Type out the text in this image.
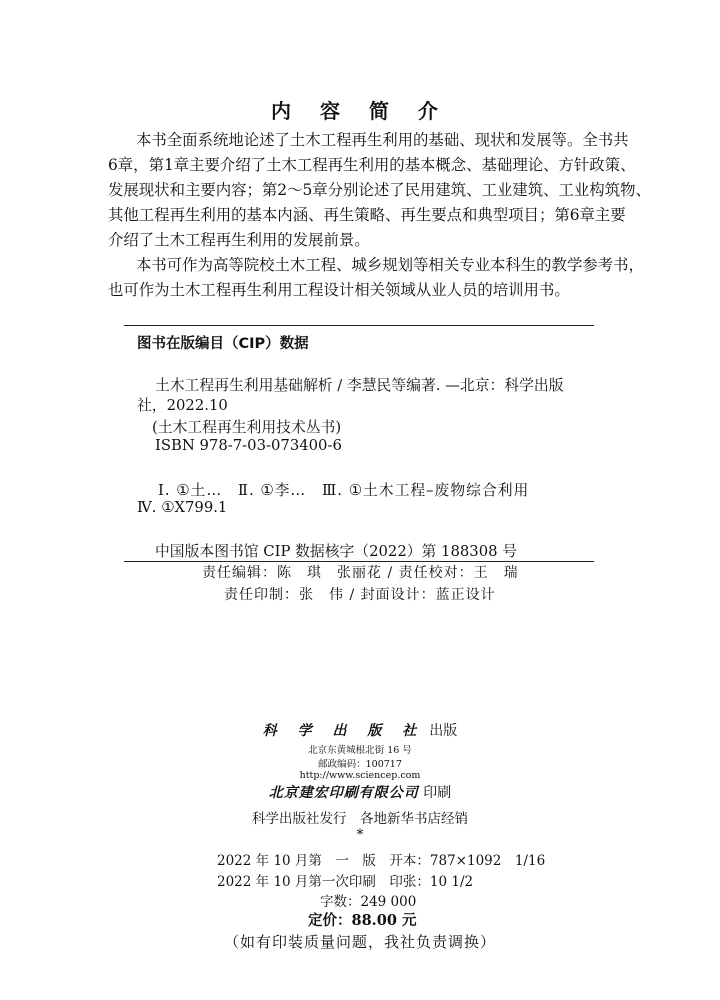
内 容 简 介

本书全面系统地论述了土木工程再生利用的基础、现状和发展等。全书共

6章，第1章主要介绍了土木工程再生利用的基本概念、基础理论、方针政策、

发展现状和主要内容；第2～5章分别论述了民用建筑、工业建筑、工业构筑物、

其他工程再生利用的基本内涵、再生策略、再生要点和典型项目；第6章主要

介绍了土木工程再生利用的发展前景。

本书可作为高等院校土木工程、城乡规划等相关专业本科生的教学参考书，

也可作为土木工程再生利用工程设计相关领域从业人员的培训用书。

图书在版编目（CIP）数据
土木工程再生利用基础解析 / 李慧民等编著. —北京：科学出版
社，2022.10
(土木工程再生利用技术丛书)
ISBN 978-7-03-073400-6
Ⅰ. ①土…　Ⅱ. ①李…　Ⅲ. ①土木工程–废物综合利用
Ⅳ. ①X799.1
中国版本图书馆 CIP 数据核字（2022）第 188308 号
责任编辑：陈　琪　张丽花 / 责任校对：王　瑞
责任印制：张　伟 / 封面设计：蓝正设计
科 学 出 版 社 出版
北京东黄城根北街 16 号
邮政编码：100717
http://www.sciencep.com
北京建宏印刷有限公司 印刷
科学出版社发行　各地新华书店经销
*
2022 年 10 月第　一　版　开本：787×1092　1/16
2022 年 10 月第一次印刷　印张：10 1/2
字数：249 000
定价：88.00 元
（如有印装质量问题，我社负责调换）
